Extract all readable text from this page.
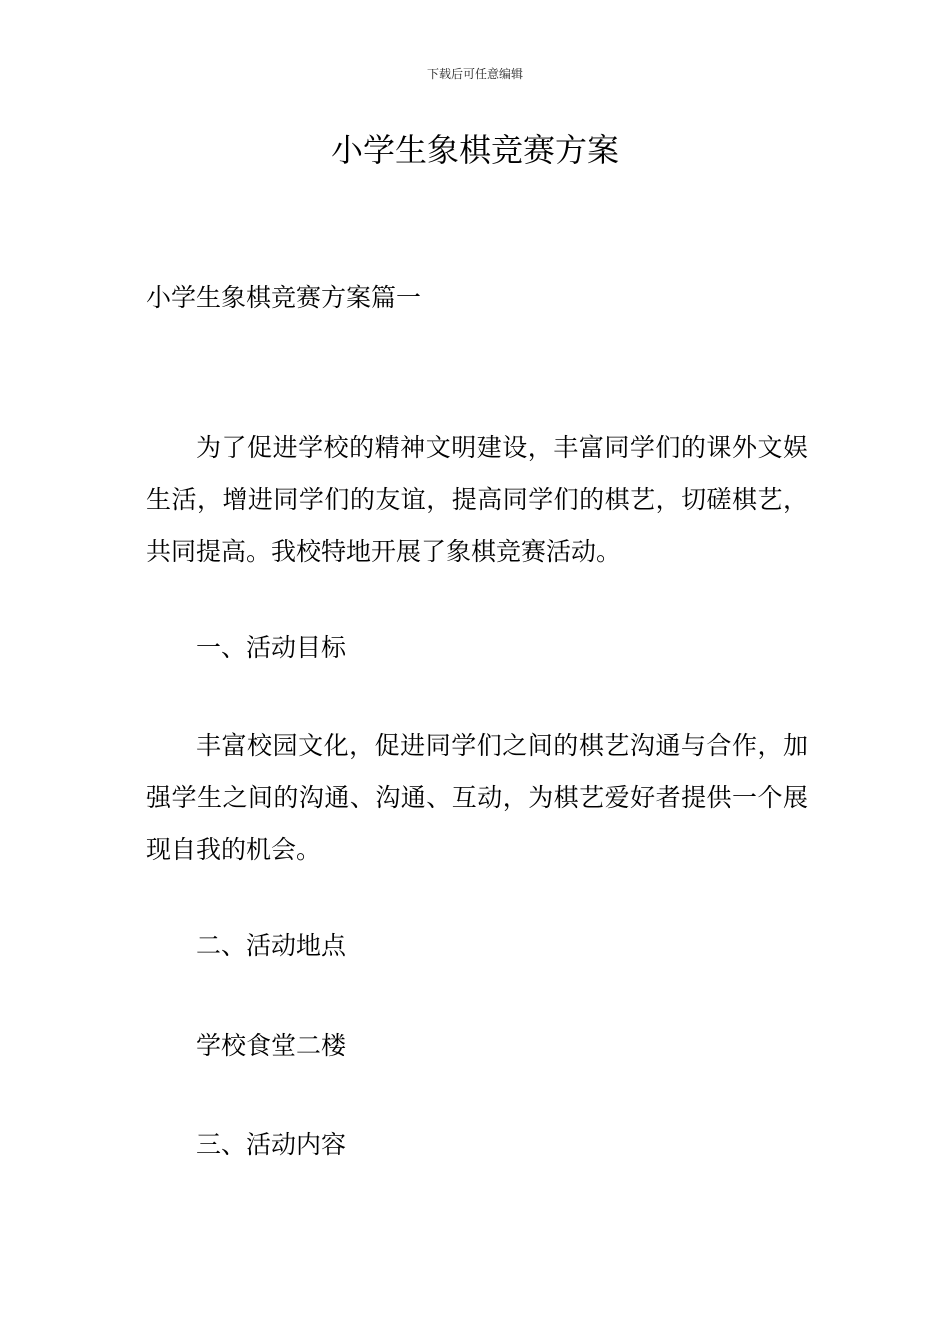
下载后可任意编辑
小学生象棋竞赛方案

小学生象棋竞赛方案篇一

为了促进学校的精神文明建设，丰富同学们的课外文娱生活，增进同学们的友谊，提高同学们的棋艺，切磋棋艺，共同提高。我校特地开展了象棋竞赛活动。

一、活动目标

丰富校园文化，促进同学们之间的棋艺沟通与合作，加强学生之间的沟通、沟通、互动，为棋艺爱好者提供一个展现自我的机会。

二、活动地点

学校食堂二楼

三、活动内容
